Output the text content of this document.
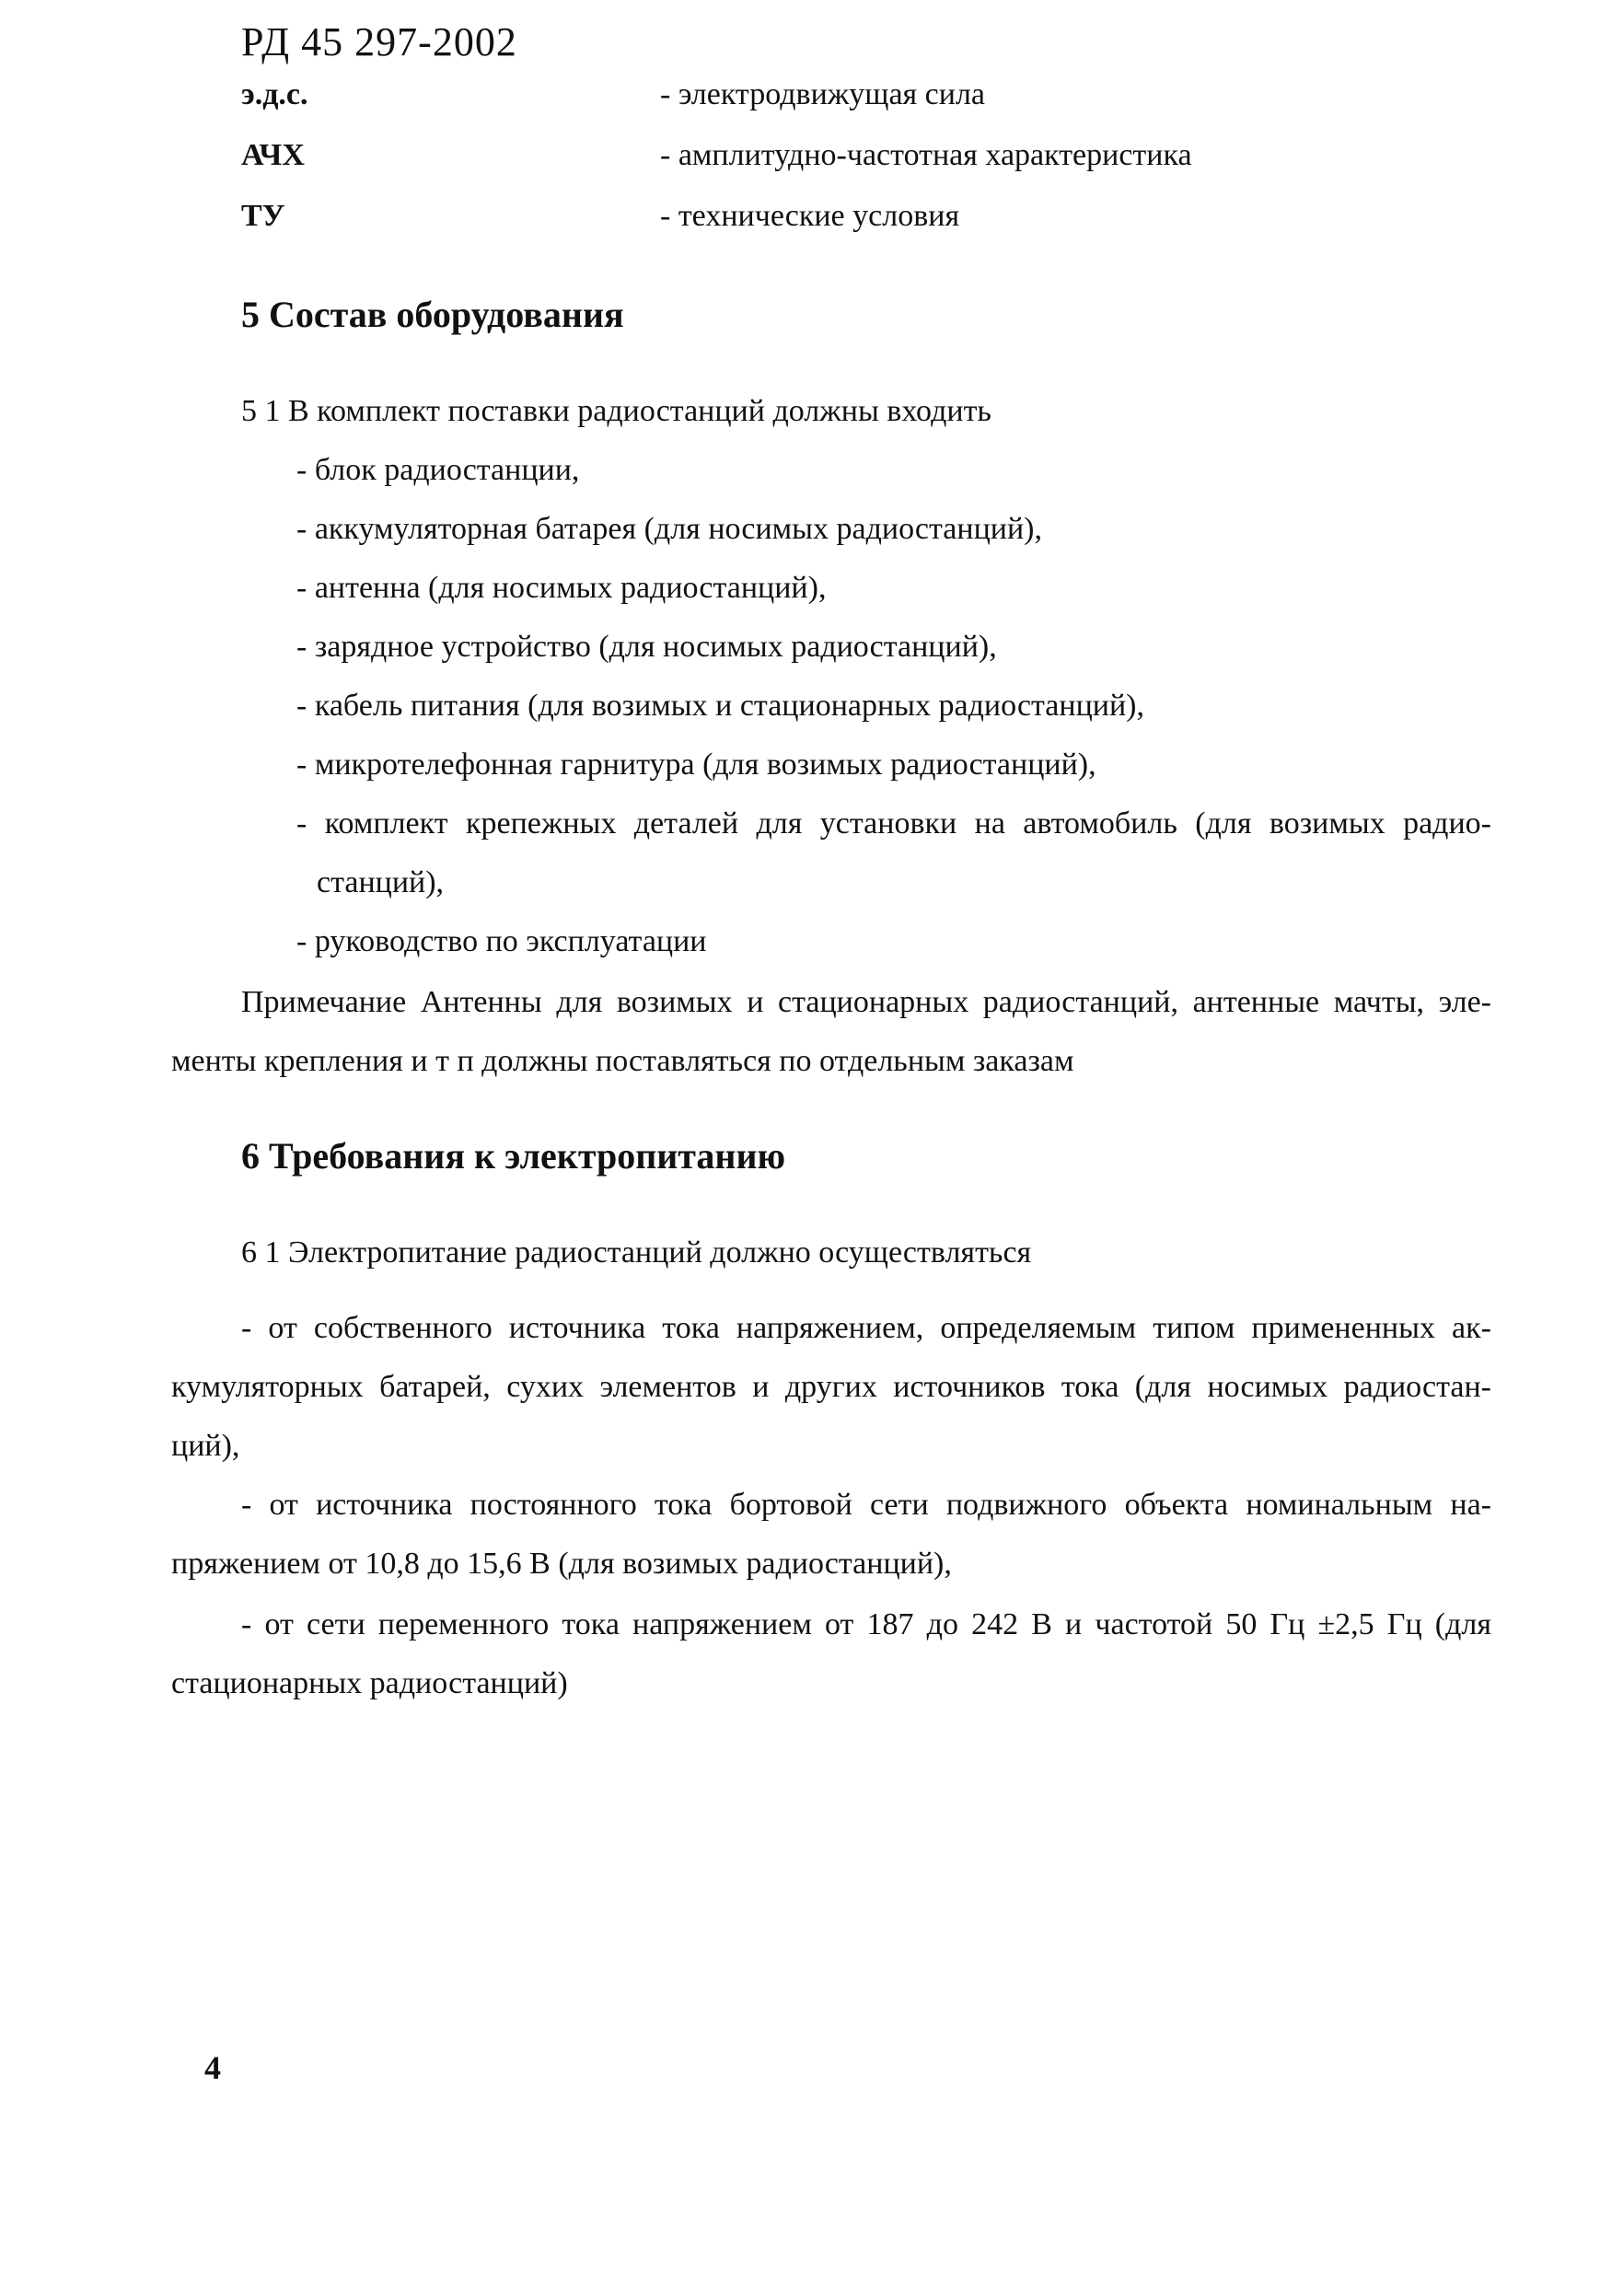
РД 45 297-2002
э.д.с.	- электродвижущая сила
АЧХ	- амплитудно-частотная характеристика
ТУ	- технические условия
5 Состав оборудования
5 1 В комплект поставки радиостанций должны входить
- блок радиостанции,
- аккумуляторная батарея (для носимых радиостанций),
- антенна (для носимых радиостанций),
- зарядное устройство (для носимых радиостанций),
- кабель питания (для возимых и стационарных радиостанций),
- микротелефонная гарнитура (для возимых радиостанций),
- комплект крепежных деталей для установки на автомобиль (для возимых радио-
станций),
- руководство по эксплуатации
Примечание Антенны для возимых и стационарных радиостанций, антенные мачты, эле-
менты крепления и т п должны поставляться по отдельным заказам
6 Требования к электропитанию
6 1 Электропитание радиостанций должно осуществляться
- от собственного источника тока напряжением, определяемым типом примененных ак-
кумуляторных батарей, сухих элементов и других источников тока (для носимых радиостан-
ций),
- от источника постоянного тока бортовой сети подвижного объекта номинальным на-
пряжением от 10,8 до 15,6 В (для возимых радиостанций),
- от сети переменного тока напряжением от 187 до 242 В и частотой 50 Гц ±2,5 Гц (для
стационарных радиостанций)
4
